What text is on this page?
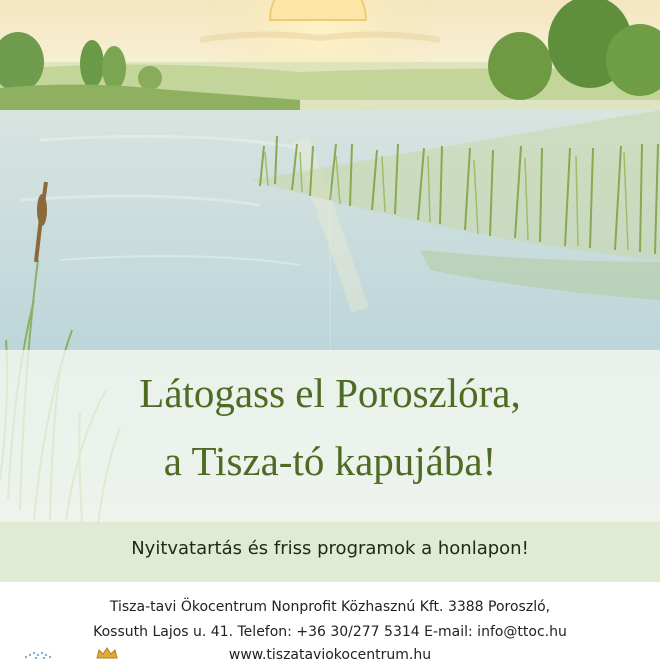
Látogass el Poroszlóra,
a Tisza-tó kapujába!
Nyitvatartás és friss programok a honlapon!
Tisza-tavi Ökocentrum Nonprofit Közhasznú Kft. 3388 Poroszló,
Kossuth Lajos u. 41. Telefon: +36 30/277 5314 E-mail: info@ttoc.hu
www.tiszataviokocentrum.hu
